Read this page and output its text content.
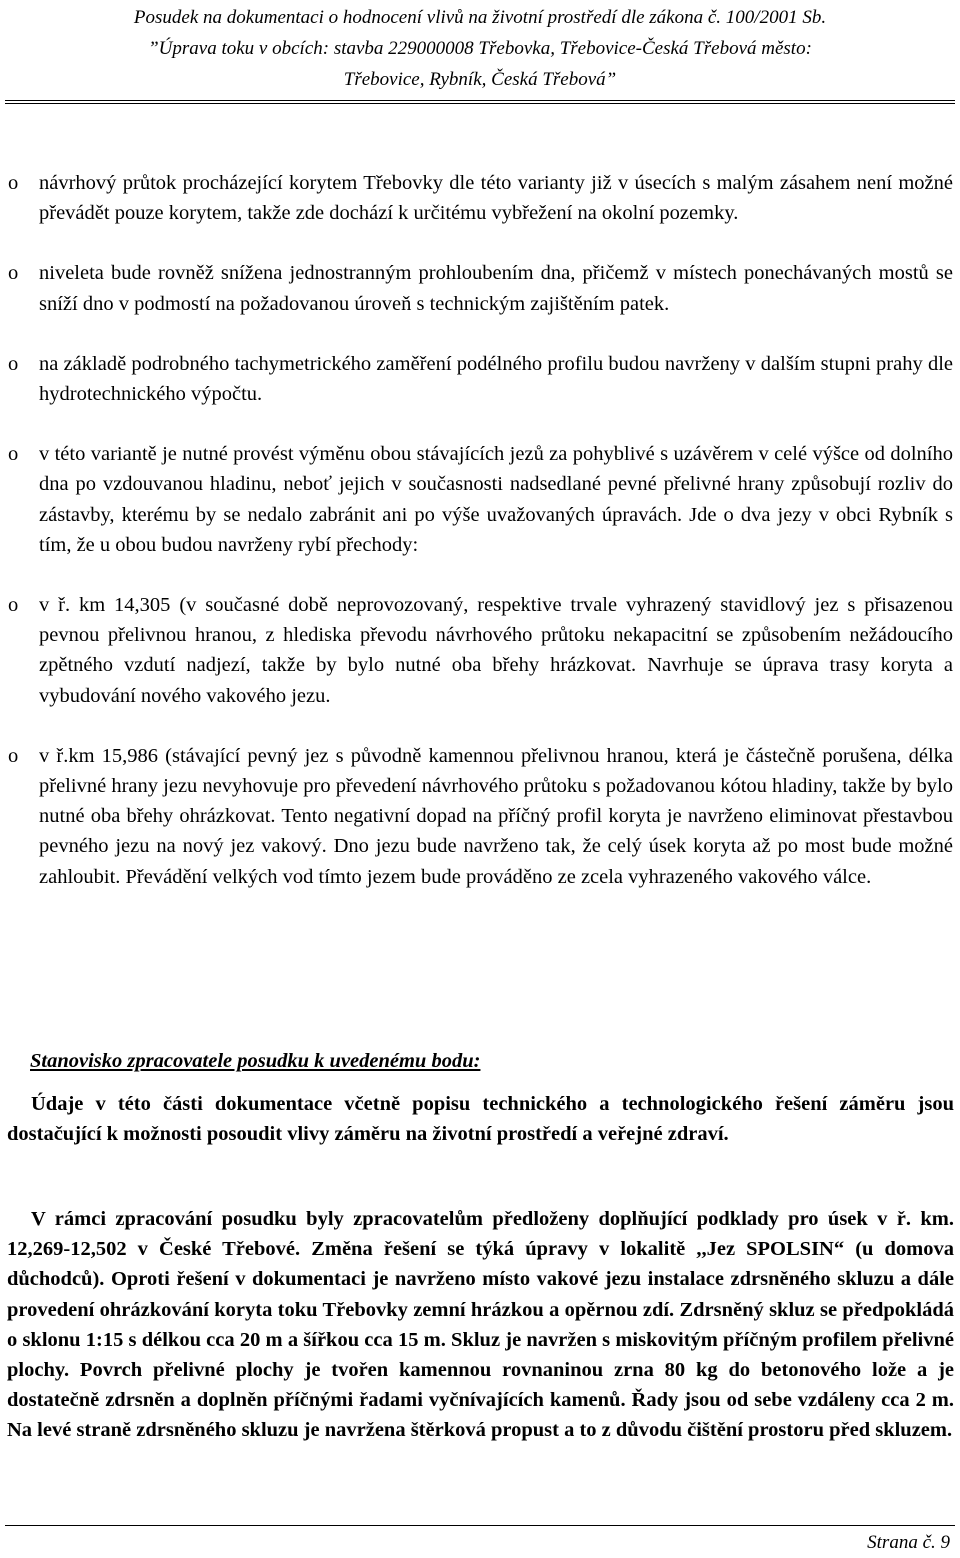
Posudek na dokumentaci o hodnocení vlivů na životní prostředí dle zákona č. 100/2001 Sb.
”Úprava toku v obcích: stavba 229000008 Třebovka, Třebovice-Česká Třebová město:
Třebovice, Rybník, Česká Třebová”
o návrhový průtok procházející korytem Třebovky dle této varianty již v úsecích s malým zásahem není možné převádět pouze korytem, takže zde dochází k určitému vybřežení na okolní pozemky.
o niveleta bude rovněž snížena jednostranným prohloubením dna, přičemž v místech ponechávaných mostů se sníží dno v podmostí na požadovanou úroveň s technickým zajištěním patek.
o na základě podrobného tachymetrického zaměření podélného profilu budou navrženy v dalším stupni prahy dle hydrotechnického výpočtu.
o v této variantě je nutné provést výměnu obou stávajících jezů za pohyblivé s uzávěrem v celé výšce od dolního dna po vzdouvanou hladinu, neboť jejich v současnosti nadsedlané pevné přelivné hrany způsobují rozliv do zástavby, kterému by se nedalo zabránit ani po výše uvažovaných úpravách. Jde o dva jezy v obci Rybník s tím, že u obou budou navrženy rybí přechody:
o v ř. km 14,305 (v současné době neprovozovaný, respektive trvale vyhrazený stavidlový jez s přisazenou pevnou přelivnou hranou, z hlediska převodu návrhového průtoku nekapacitní se způsobením nežádoucího zpětného vzdutí nadjezí, takže by bylo nutné oba břehy hrázkovat. Navrhuje se úprava trasy koryta a vybudování nového vakového jezu.
o v ř.km 15,986 (stávající pevný jez s původně kamennou přelivnou hranou, která je částečně porušena, délka přelivné hrany jezu nevyhovuje pro převedení návrhového průtoku s požadovanou kótou hladiny, takže by bylo nutné oba břehy ohrázkovat. Tento negativní dopad na příčný profil koryta je navrženo eliminovat přestavbou pevného jezu na nový jez vakový. Dno jezu bude navrženo tak, že celý úsek koryta až po most bude možné zahloubit. Převádění velkých vod tímto jezem bude prováděno ze zcela vyhrazeného vakového válce.
Stanovisko zpracovatele posudku k uvedenému bodu:
Údaje v této části dokumentace včetně popisu technického a technologického řešení záměru jsou dostačující k možnosti posoudit vlivy záměru na životní prostředí a veřejné zdraví.
V rámci zpracování posudku byly zpracovatelům předloženy doplňující podklady pro úsek v ř. km. 12,269-12,502 v České Třebové. Změna řešení se týká úpravy v lokalitě ,,Jez SPOLSIN“ (u domova důchodců). Oproti řešení v dokumentaci je navrženo místo vakové jezu instalace zdrsněného skluzu a dále provedení ohrázkování koryta toku Třebovky zemní hrázkou a opěrnou zdí. Zdrsněný skluz se předpokládá o sklonu 1:15 s délkou cca 20 m a šířkou cca 15 m. Skluz je navržen s miskovitým příčným profilem přelivné plochy. Povrch přelivné plochy je tvořen kamennou rovnaninou zrna 80 kg do betonového lože a je dostatečně zdrsněn a doplněn příčnými řadami vyčnívajících kamenů. Řady jsou od sebe vzdáleny cca 2 m. Na levé straně zdrsněného skluzu je navržena štěrková propust a to z důvodu čištění prostoru před skluzem.
Strana č. 9
